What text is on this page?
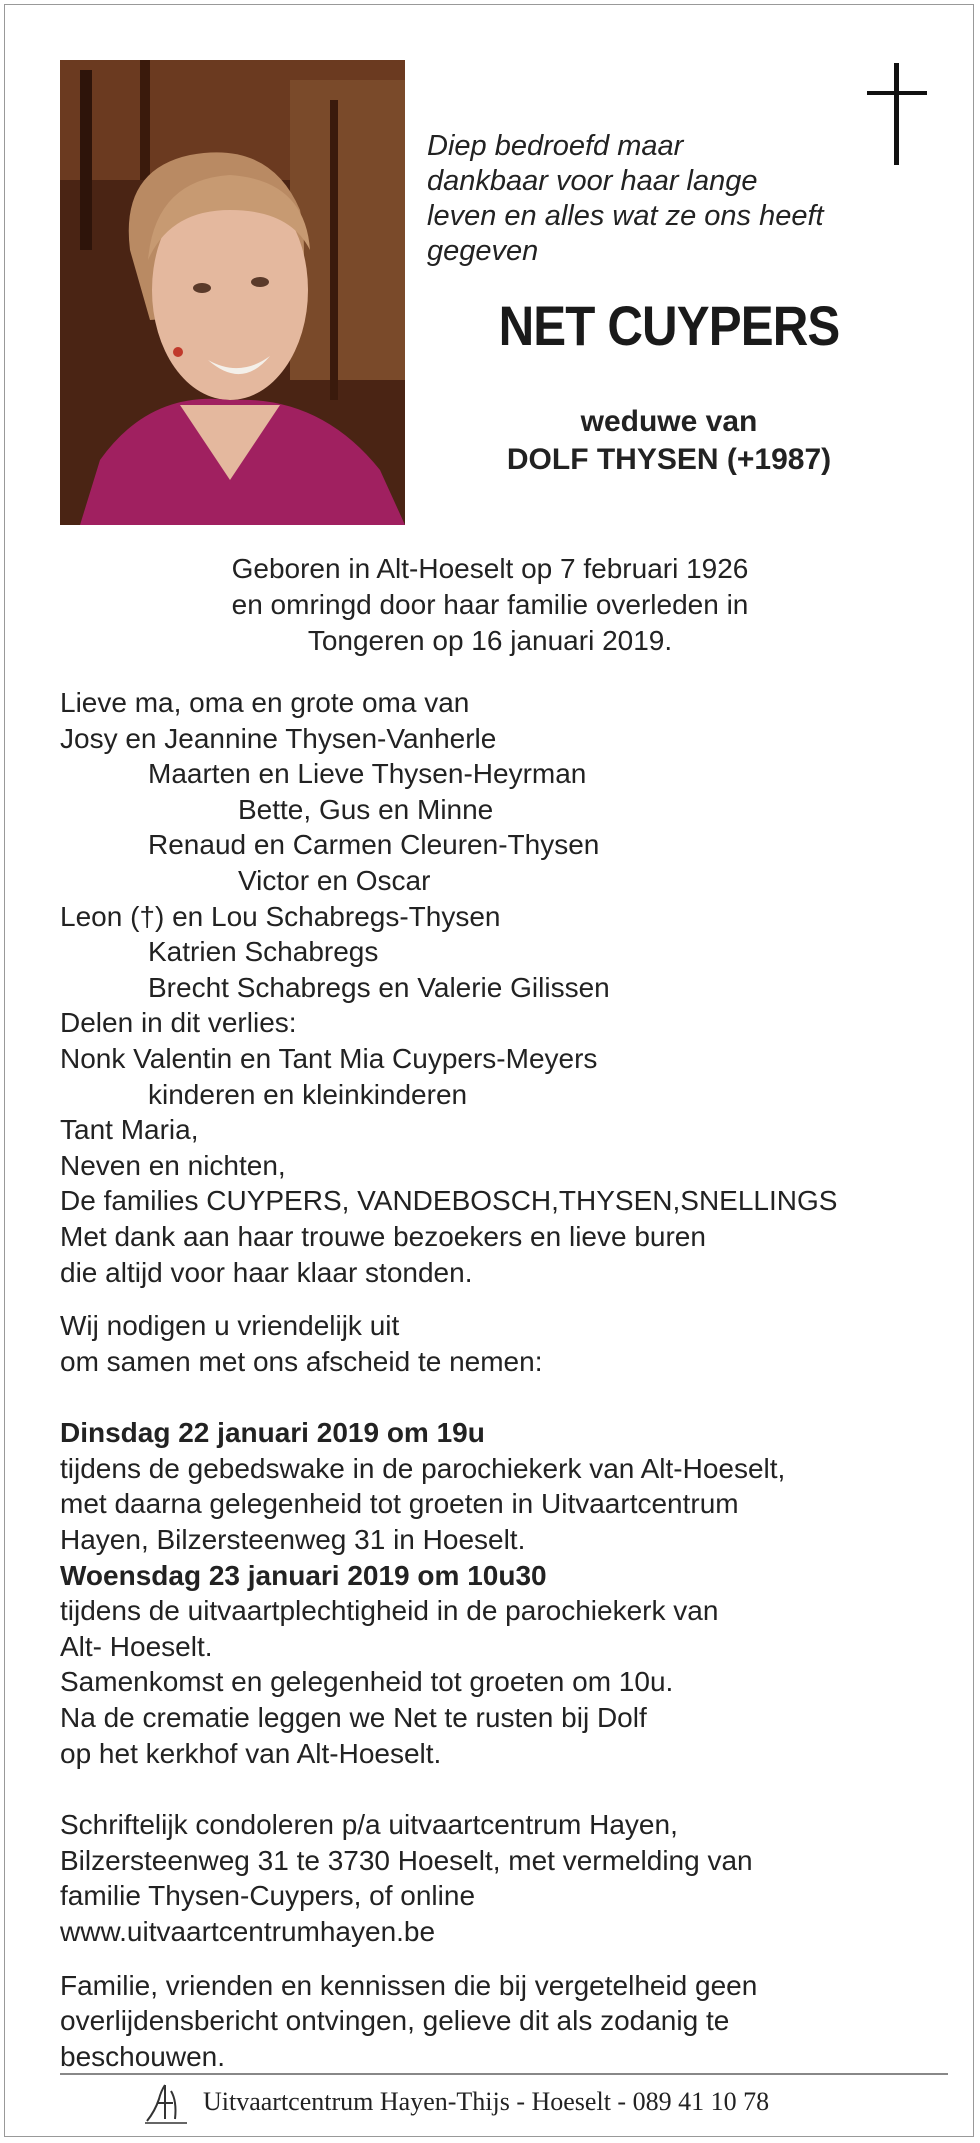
Diep bedroefd maar
dankbaar voor haar lange
leven en alles wat ze ons heeft
gegeven
NET CUYPERS
weduwe van
DOLF THYSEN (+1987)
Geboren in Alt-Hoeselt op 7 februari 1926
en omringd door haar familie overleden in
Tongeren op 16 januari 2019.
Lieve ma, oma en grote oma van
Josy en Jeannine Thysen-Vanherle
Maarten en Lieve Thysen-Heyrman
Bette, Gus en Minne
Renaud en Carmen Cleuren-Thysen
Victor en Oscar
Leon (†) en Lou Schabregs-Thysen
Katrien Schabregs
Brecht Schabregs en Valerie Gilissen
Delen in dit verlies:
Nonk Valentin en Tant Mia Cuypers-Meyers
kinderen en kleinkinderen
Tant Maria,
Neven en nichten,
De families CUYPERS, VANDEBOSCH,THYSEN,SNELLINGS
Met dank aan haar trouwe bezoekers en lieve buren
die altijd voor haar klaar stonden.
Wij nodigen u vriendelijk uit
om samen met ons afscheid te nemen:
Dinsdag 22 januari 2019 om 19u
tijdens de gebedswake in de parochiekerk van Alt-Hoeselt,
met daarna gelegenheid tot groeten in Uitvaartcentrum
Hayen, Bilzersteenweg 31 in Hoeselt.
Woensdag 23 januari 2019 om 10u30
tijdens de uitvaartplechtigheid in de parochiekerk van
Alt- Hoeselt.
Samenkomst en gelegenheid tot groeten om 10u.
Na de crematie leggen we Net te rusten bij Dolf
op het kerkhof van Alt-Hoeselt.
Schriftelijk condoleren p/a uitvaartcentrum Hayen,
Bilzersteenweg 31 te 3730 Hoeselt, met vermelding van
familie Thysen-Cuypers, of online
www.uitvaartcentrumhayen.be
Familie, vrienden en kennissen die bij vergetelheid geen
overlijdensbericht ontvingen, gelieve dit als zodanig te
beschouwen.
Uitvaartcentrum Hayen-Thijs - Hoeselt - 089 41 10 78
